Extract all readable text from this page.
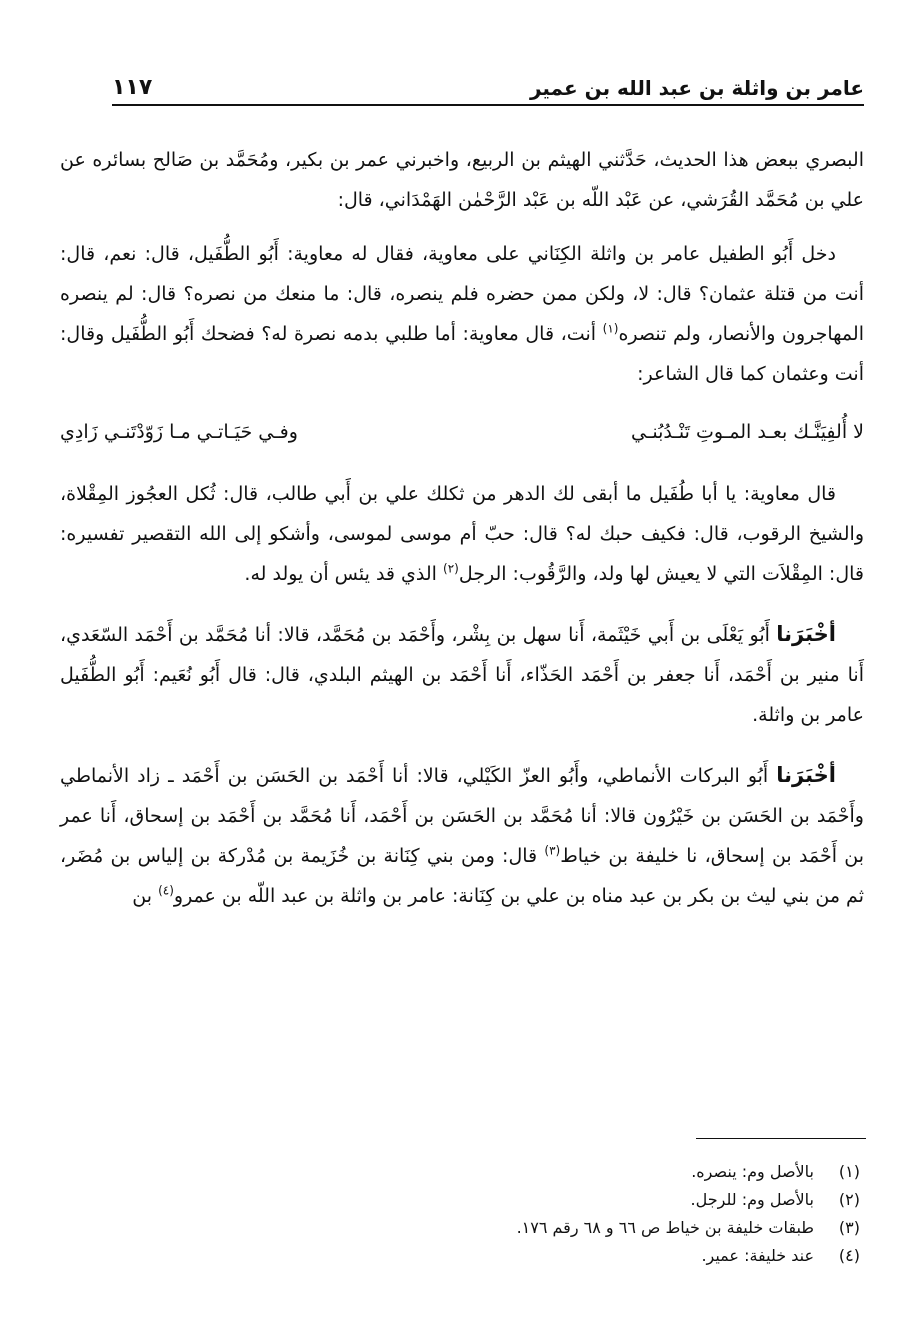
عامر بن واثلة بن عبد الله بن عمير
١١٧

البصري ببعض هذا الحديث، حَدَّثني الهيثم بن الربيع، واخبرني عمر بن بكير، ومُحَمَّد بن صَالح بسائره عن علي بن مُحَمَّد القُرَشي، عن عَبْد اللّه بن عَبْد الرَّحْمٰن الهَمْدَاني، قال:

دخل أَبُو الطفيل عامر بن واثلة الكِنَاني على معاوية، فقال له معاوية: أَبُو الطُّفَيل، قال: نعم، قال: أنت من قتلة عثمان؟ قال: لا، ولكن ممن حضره فلم ينصره، قال: ما منعك من نصره؟ قال: لم ينصره المهاجرون والأنصار، ولم تنصره$^{(١)}$ أنت، قال معاوية: أما طلبي بدمه نصرة له؟ فضحك أَبُو الطُّفَيل وقال: أنت وعثمان كما قال الشاعر:

لا أُلفِيَنَّـك بعـد المـوتِ تَنْـدُبُنـي
وفـي حَيَـاتـي مـا زَوّدْتَنـي زَادِي

قال معاوية: يا أبا طُفَيل ما أبقى لك الدهر من ثكلك علي بن أَبي طالب، قال: ثُكل العجُوز المِقْلاة، والشيخ الرقوب، قال: فكيف حبك له؟ قال: حبّ أم موسى لموسى، وأشكو إلى الله التقصير تفسيره: قال: المِقْلاَت التي لا يعيش لها ولد، والرَّقُوب: الرجل$^{(٢)}$ الذي قد يئس أن يولد له.

أخْبَرَنا أَبُو يَعْلَى بن أَبي خَيْثَمة، أَنا سهل بن بِشْر، وأَحْمَد بن مُحَمَّد، قالا: أنا مُحَمَّد بن أَحْمَد السّعَدي، أَنا منير بن أَحْمَد، أَنا جعفر بن أَحْمَد الحَذّاء، أَنا أَحْمَد بن الهيثم البلدي، قال: قال أَبُو نُعَيم: أَبُو الطُّفَيل عامر بن واثلة.

أخْبَرَنا أَبُو البركات الأنماطي، وأَبُو العزّ الكَيْلي، قالا: أنا أَحْمَد بن الحَسَن بن أَحْمَد ـ زاد الأنماطي وأَحْمَد بن الحَسَن بن خَيْرُون قالا: أنا مُحَمَّد بن الحَسَن بن أَحْمَد، أَنا مُحَمَّد بن أَحْمَد بن إسحاق، أَنا عمر بن أَحْمَد بن إسحاق، نا خليفة بن خياط$^{(٣)}$ قال: ومن بني كِنَانة بن خُزَيمة بن مُدْركة بن إلياس بن مُضَر، ثم من بني ليث بن بكر بن عبد مناه بن علي بن كِنَانة: عامر بن واثلة بن عبد اللّه بن عمرو$^{(٤)}$ بن

(١)
بالأصل وم: ينصره.
(٢)
بالأصل وم: للرجل.
(٣)
طبقات خليفة بن خياط ص ٦٦ و ٦٨ رقم ١٧٦.
(٤)
عند خليفة: عمير.
